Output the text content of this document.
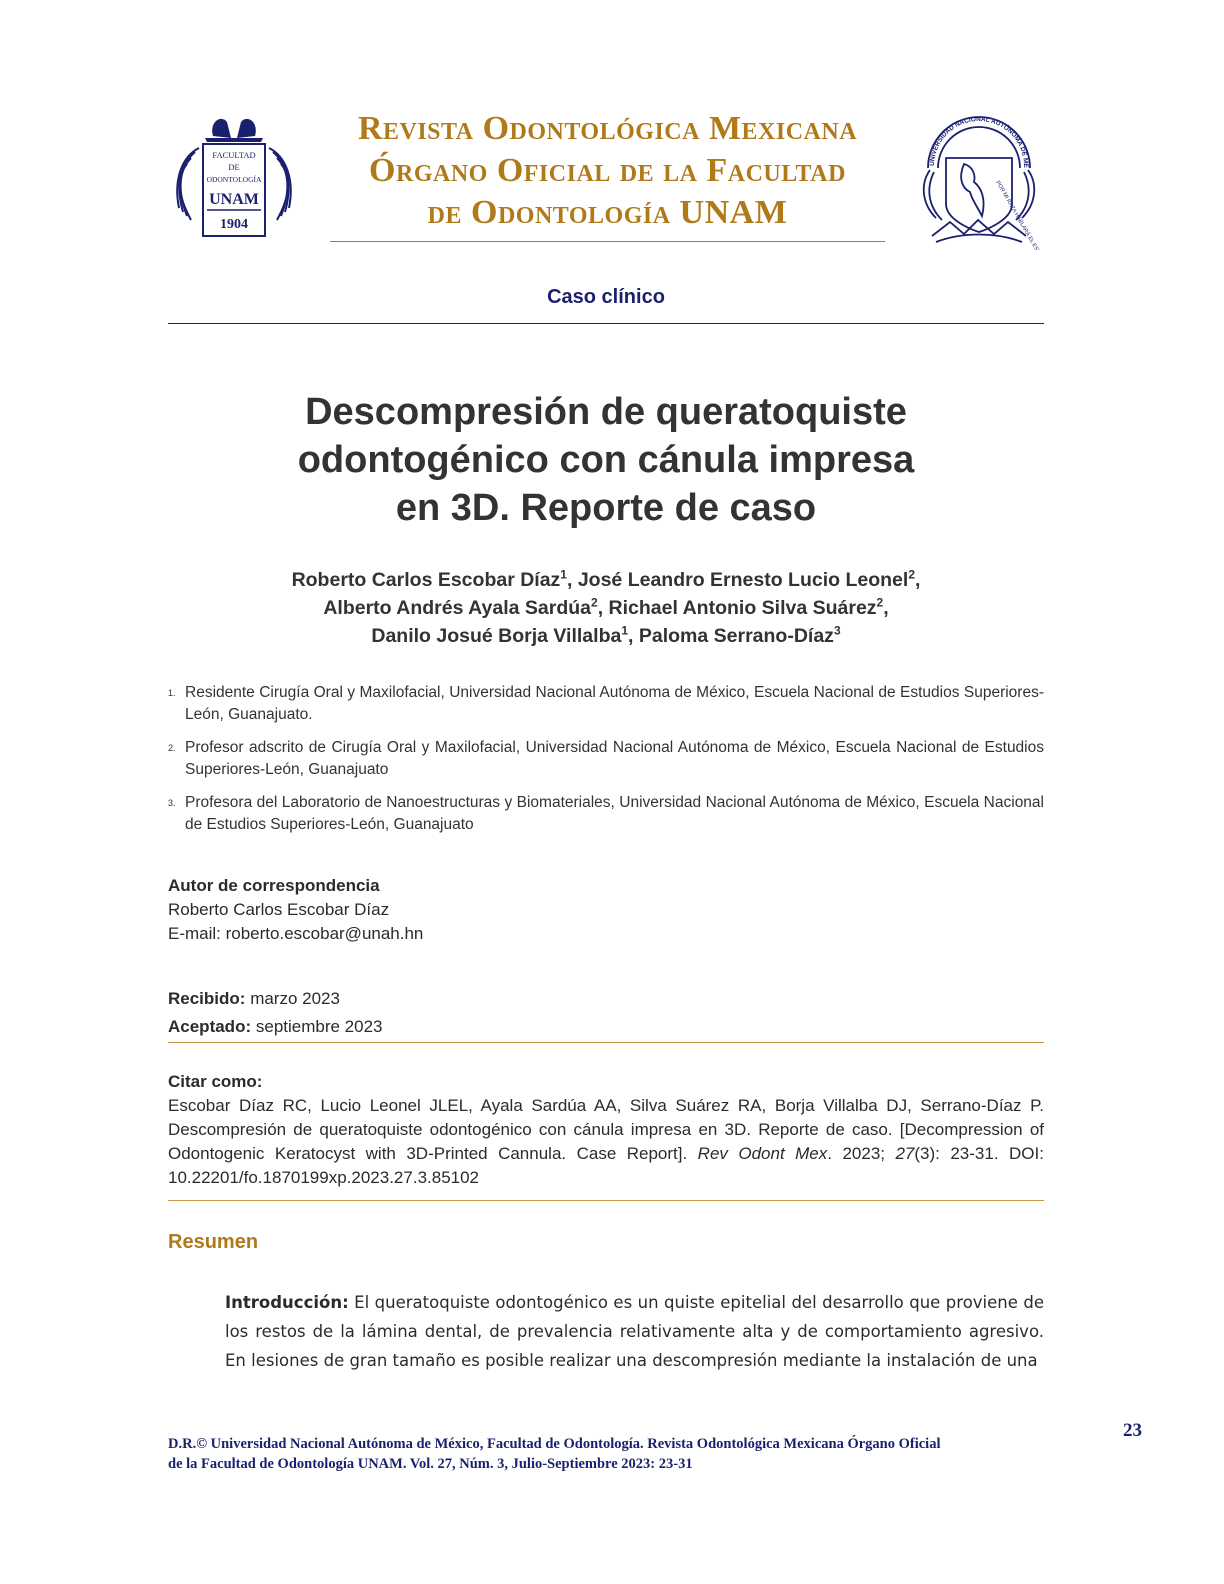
FACULTAD
DE
ODONTOLOGÍA
UNAM
1904
Revista Odontológica Mexicana
Órgano Oficial de la Facultad
de Odontología UNAM
UNIVERSIDAD NACIONAL AUTÓNOMA DE MÉ
POR MI RAZA HABLARÁ EL ESPÍRITU
Caso clínico
Descompresión de queratoquiste
odontogénico con cánula impresa
en 3D. Reporte de caso
Roberto Carlos Escobar Díaz$^1$, José Leandro Ernesto Lucio Leonel$^2$,
Alberto Andrés Ayala Sardúa$^2$, Richael Antonio Silva Suárez$^2$,
Danilo Josué Borja Villalba$^1$, Paloma Serrano-Díaz$^3$
1. Residente Cirugía Oral y Maxilofacial, Universidad Nacional Autónoma de México, Escuela Nacional de Estudios Superiores-León, Guanajuato.
2. Profesor adscrito de Cirugía Oral y Maxilofacial, Universidad Nacional Autónoma de México, Escuela Nacional de Estudios Superiores-León, Guanajuato
3. Profesora del Laboratorio de Nanoestructuras y Biomateriales, Universidad Nacional Autónoma de México, Escuela Nacional de Estudios Superiores-León, Guanajuato
Autor de correspondencia
Roberto Carlos Escobar Díaz
E-mail: roberto.escobar@unah.hn
Recibido: marzo 2023
Aceptado: septiembre 2023
Citar como:
Escobar Díaz RC, Lucio Leonel JLEL, Ayala Sardúa AA, Silva Suárez RA, Borja Villalba DJ, Serrano-Díaz P. Descompresión de queratoquiste odontogénico con cánula impresa en 3D. Reporte de caso. [Decompression of Odontogenic Keratocyst with 3D-Printed Cannula. Case Report]. Rev Odont Mex. 2023; 27(3): 23-31. DOI: 10.22201/fo.1870199xp.2023.27.3.85102
Resumen
Introducción: El queratoquiste odontogénico es un quiste epitelial del desarrollo que proviene de los restos de la lámina dental, de prevalencia relativamente alta y de comportamiento agresivo. En lesiones de gran tamaño es posible realizar una descompresión mediante la instalación de una
D.R.© Universidad Nacional Autónoma de México, Facultad de Odontología. Revista Odontológica Mexicana Órgano Oficial
de la Facultad de Odontología UNAM. Vol. 27, Núm. 3, Julio-Septiembre 2023: 23-31
23
